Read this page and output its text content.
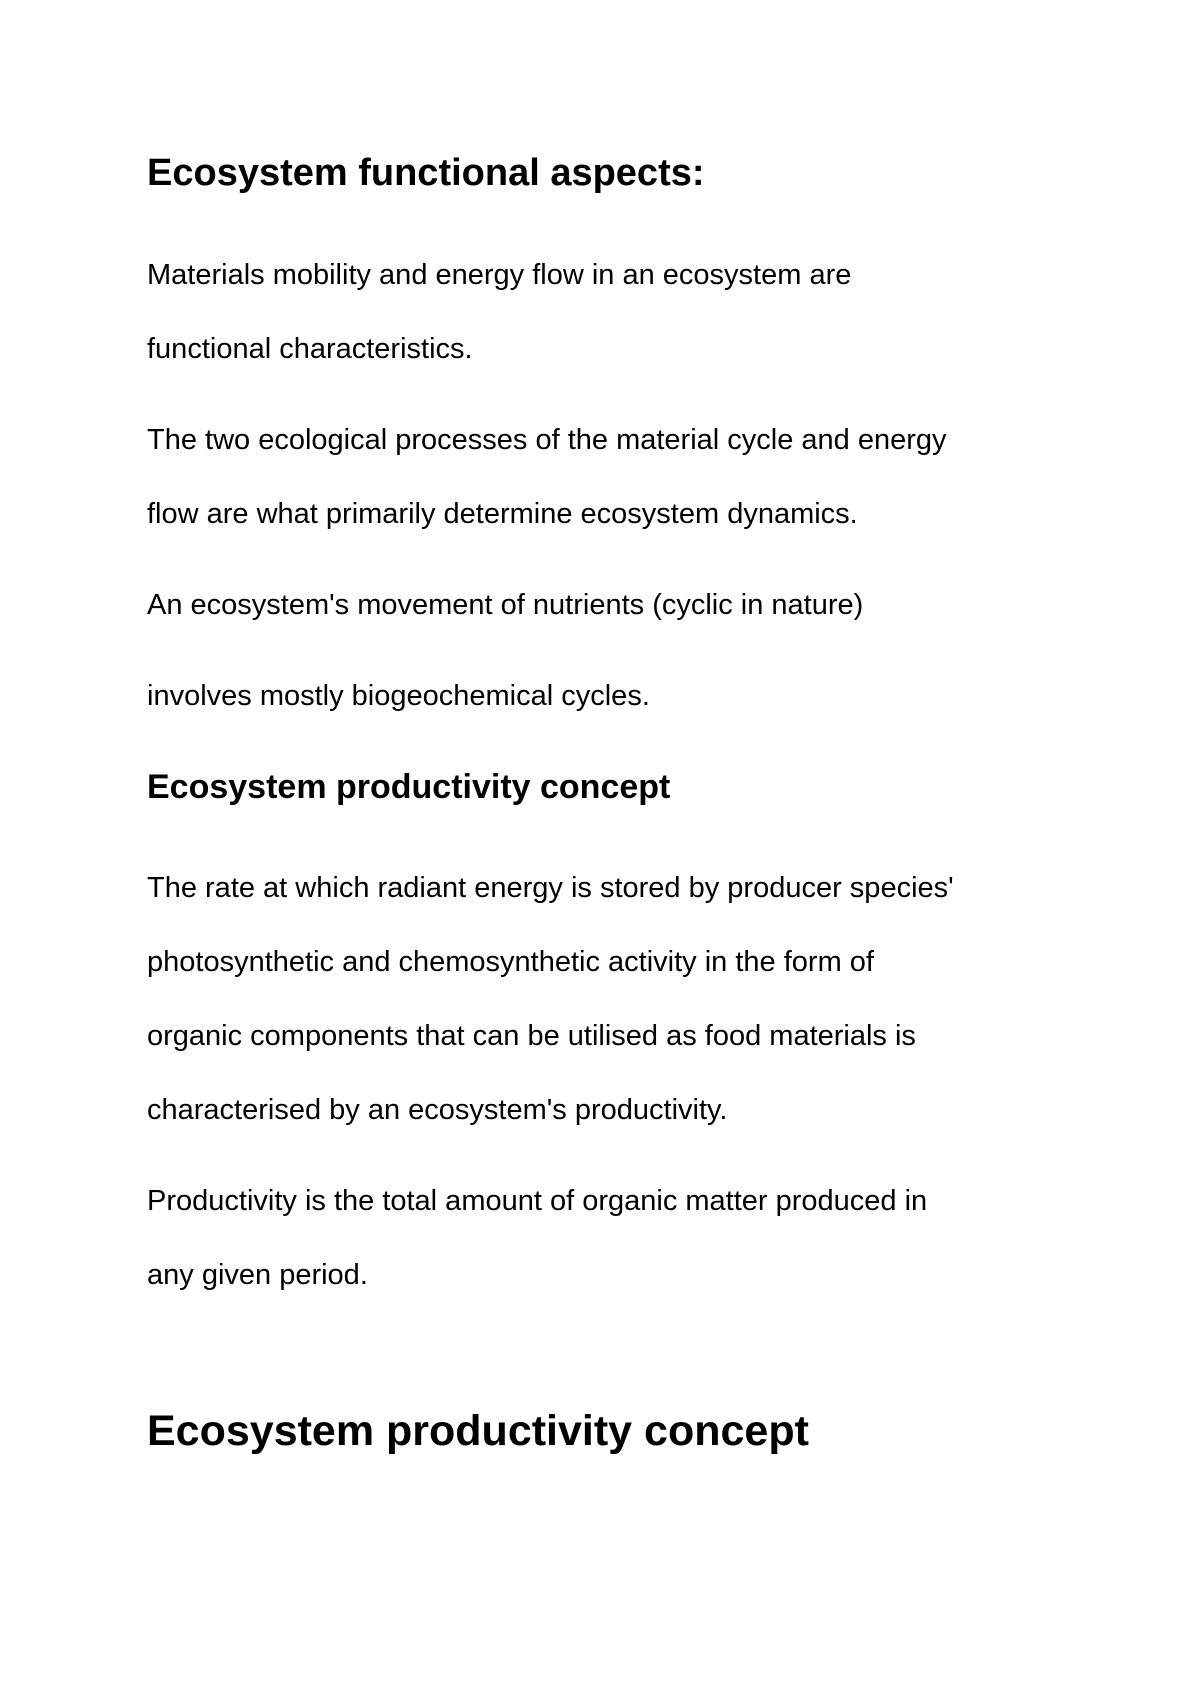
Ecosystem functional aspects:

Materials mobility and energy flow in an ecosystem are

functional characteristics.

The two ecological processes of the material cycle and energy

flow are what primarily determine ecosystem dynamics.

An ecosystem's movement of nutrients (cyclic in nature)

involves mostly biogeochemical cycles.

Ecosystem productivity concept

The rate at which radiant energy is stored by producer species'

photosynthetic and chemosynthetic activity in the form of

organic components that can be utilised as food materials is

characterised by an ecosystem's productivity.

Productivity is the total amount of organic matter produced in

any given period.

Ecosystem productivity concept
